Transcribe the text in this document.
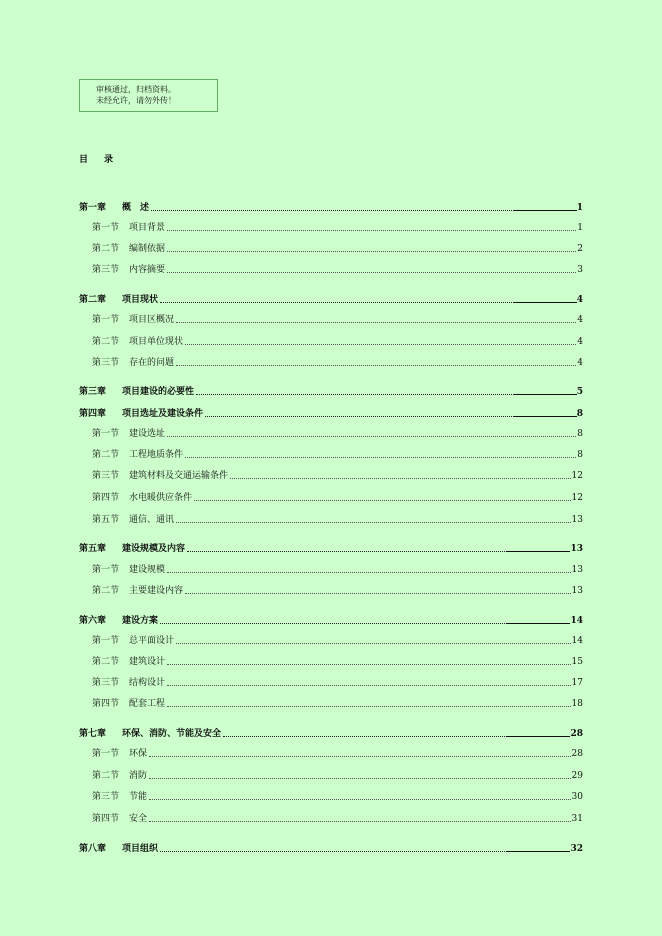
审核通过，归档资料。
未经允许，请勿外传！
目 录
第一章 概　述	1
第一节 项目背景	1
第二节 编制依据	2
第三节 内容摘要	3
第二章 项目现状	4
第一节 项目区概况	4
第二节 项目单位现状	4
第三节 存在的问题	4
第三章 项目建设的必要性	5
第四章 项目选址及建设条件	8
第一节 建设选址	8
第二节 工程地质条件	8
第三节 建筑材料及交通运输条件	12
第四节 水电暖供应条件	12
第五节 通信、通讯	13
第五章 建设规模及内容	13
第一节 建设规模	13
第二节 主要建设内容	13
第六章 建设方案	14
第一节 总平面设计	14
第二节 建筑设计	15
第三节 结构设计	17
第四节 配套工程	18
第七章 环保、消防、节能及安全	28
第一节 环保	28
第二节 消防	29
第三节 节能	30
第四节 安全	31
第八章 项目组织	32
